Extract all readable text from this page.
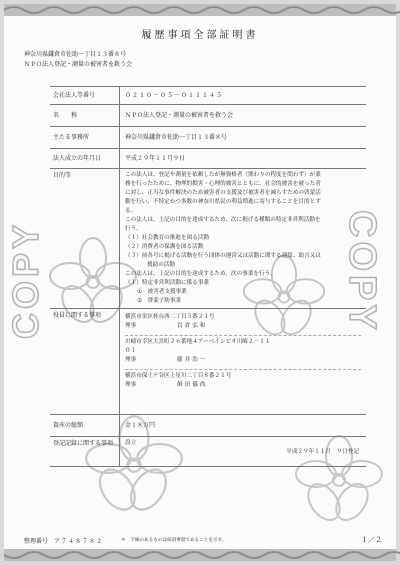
COPY	COPY
履歴事項全部証明書
神奈川県鎌倉市佐助一丁目１３番８号
ＮＰＯ法人登記・測量の被害者を救う会
会社法人等番号	０２１０－０５－０１１１４５
名　　称	ＮＰＯ法人登記・測量の被害者を救う会
主たる事務所	神奈川県鎌倉市佐助一丁目１３番８号
法人成立の年月日	平成２９年１１月９日
目的等	この法人は、登記や測量を依頼したが無資格者（関わりの程度を問わず）が業
務を行ったために、物理的損害・心理的被害とともに、社会的被害を被った者
に対し、正当な事件解決のため被害者の支援及び被害者を減らすための啓蒙活
動を行い、不特定かつ多数の神奈川県民の利益増進に寄与することを目的とす
る。
この法人は、上記の目的を達成するため、次に掲げる種類の特定非営利活動を
行う。
（１）社会教育の推進を図る活動
（２）消費者の保護を図る活動
（３）前各号に掲げる活動を行う団体の運営又は活動に関する連絡、助言又は
援助の活動
この法人は、上記の目的を達成するため、次の事業を行う。
（１）特定非営利活動に係る事業
①　被害者支援事業
②　啓蒙子防事業
役員に関する事項	横浜市栄区桂台西二丁目５番２１号
理事	岩倉弘和
川崎市幸区大宮町２６番地４アーベインビオ川崎２－１１０１
理事	藤井浩一
横浜市保土ケ谷区上星川二丁目８番２１号
理事	飼田儀尚
資産の総額	金１８万円
登記記録に関する事項	設立
平成２９年１１月　９日登記
整理番号	ア７４８７８２	＊　下線のあるものは抹消事項であることを示す。	１／２
